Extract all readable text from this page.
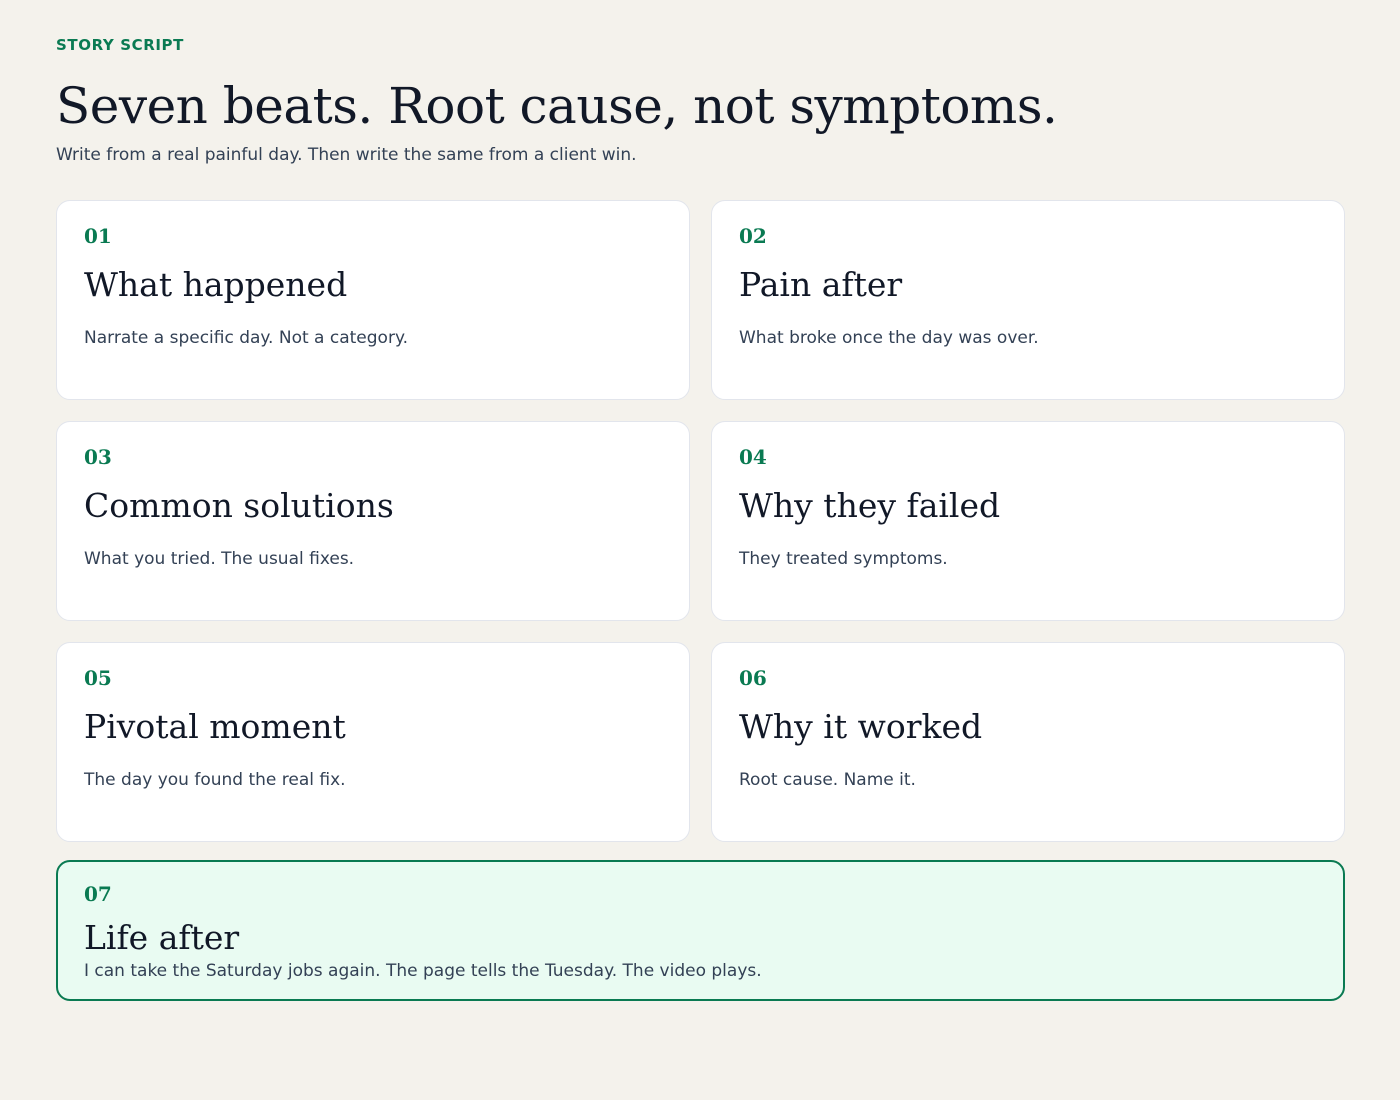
STORY SCRIPT

Seven beats. Root cause, not symptoms.

Write from a real painful day. Then write the same from a client win.

01

What happened

Narrate a specific day. Not a category.

02

Pain after

What broke once the day was over.

03

Common solutions

What you tried. The usual fixes.

04

Why they failed

They treated symptoms.

05

Pivotal moment

The day you found the real fix.

06

Why it worked

Root cause. Name it.

07

Life after

I can take the Saturday jobs again. The page tells the Tuesday. The video plays.
